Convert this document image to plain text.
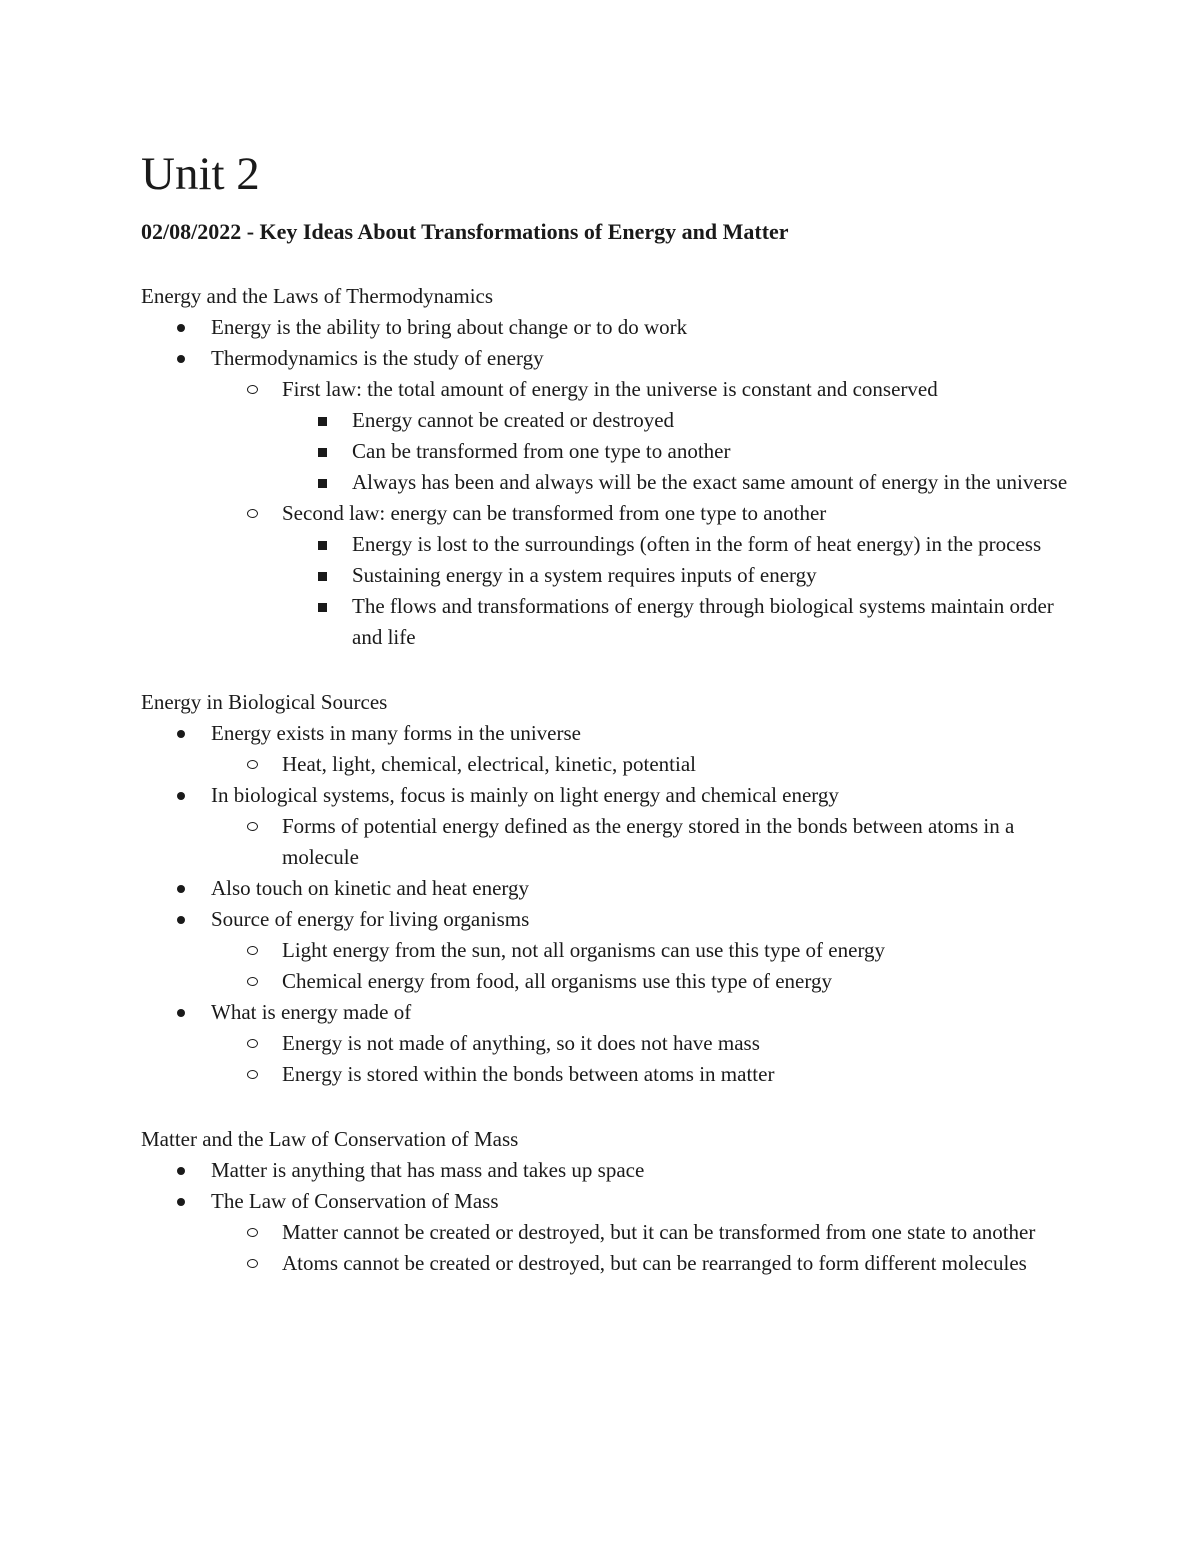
Unit 2
02/08/2022 - Key Ideas About Transformations of Energy and Matter
Energy and the Laws of Thermodynamics
Energy is the ability to bring about change or to do work
Thermodynamics is the study of energy
First law: the total amount of energy in the universe is constant and conserved
Energy cannot be created or destroyed
Can be transformed from one type to another
Always has been and always will be the exact same amount of energy in the universe
Second law: energy can be transformed from one type to another
Energy is lost to the surroundings (often in the form of heat energy) in the process
Sustaining energy in a system requires inputs of energy
The flows and transformations of energy through biological systems maintain order and life
Energy in Biological Sources
Energy exists in many forms in the universe
Heat, light, chemical, electrical, kinetic, potential
In biological systems, focus is mainly on light energy and chemical energy
Forms of potential energy defined as the energy stored in the bonds between atoms in a molecule
Also touch on kinetic and heat energy
Source of energy for living organisms
Light energy from the sun, not all organisms can use this type of energy
Chemical energy from food, all organisms use this type of energy
What is energy made of
Energy is not made of anything, so it does not have mass
Energy is stored within the bonds between atoms in matter
Matter and the Law of Conservation of Mass
Matter is anything that has mass and takes up space
The Law of Conservation of Mass
Matter cannot be created or destroyed, but it can be transformed from one state to another
Atoms cannot be created or destroyed, but can be rearranged to form different molecules
